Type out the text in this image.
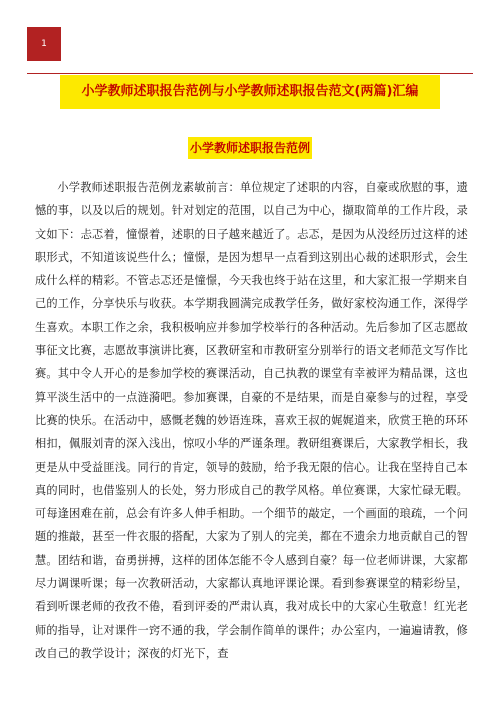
1
小学教师述职报告范例与小学教师述职报告范文(两篇)汇编
小学教师述职报告范例

小学教师述职报告范例龙素敏前言：单位规定了述职的内容，自豪或欣慰的事，遗憾的事，以及以后的规划。针对划定的范围，以自己为中心，撷取简单的工作片段，录文如下：忐忑着，憧憬着，述职的日子越来越近了。忐忑，是因为从没经历过这样的述职形式，不知道该说些什么；憧憬，是因为想早一点看到这别出心裁的述职形式，会生成什么样的精彩。不管忐忑还是憧憬，今天我也终于站在这里，和大家汇报一学期来自己的工作，分享快乐与收获。本学期我圆满完成教学任务，做好家校沟通工作，深得学生喜欢。本职工作之余，我积极响应并参加学校举行的各种活动。先后参加了区志愿故事征文比赛，志愿故事演讲比赛，区教研室和市教研室分别举行的语文老师范文写作比赛。其中令人开心的是参加学校的赛课活动，自己执教的课堂有幸被评为精品课，这也算平淡生活中的一点涟漪吧。参加赛课，自豪的不是结果，而是自豪参与的过程，享受比赛的快乐。在活动中，感慨老魏的妙语连珠，喜欢王叔的娓娓道来，欣赏王艳的环环相扣，佩服刘青的深入浅出，惊叹小华的严谨条理。教研组赛课后，大家教学相长，我更是从中受益匪浅。同行的肯定，领导的鼓励，给予我无限的信心。让我在坚持自己本真的同时，也借鉴别人的长处，努力形成自己的教学风格。单位赛课，大家忙碌无暇。可每逢困难在前，总会有许多人伸手相助。一个细节的敲定，一个画面的琅疏，一个问题的推敲，甚至一件衣服的搭配，大家为了别人的完美，都在不遗余力地贡献自己的智慧。团结和谐，奋勇拼搏，这样的团体怎能不令人感到自豪？每一位老师讲课，大家都尽力调课听课；每一次教研活动，大家都认真地评课论课。看到参赛课堂的精彩纷呈，看到听课老师的孜孜不倦，看到评委的严肃认真，我对成长中的大家心生敬意！红光老师的指导，让对课件一窍不通的我，学会制作简单的课件；办公室内，一遍遍请教，修改自己的教学设计；深夜的灯光下，查
